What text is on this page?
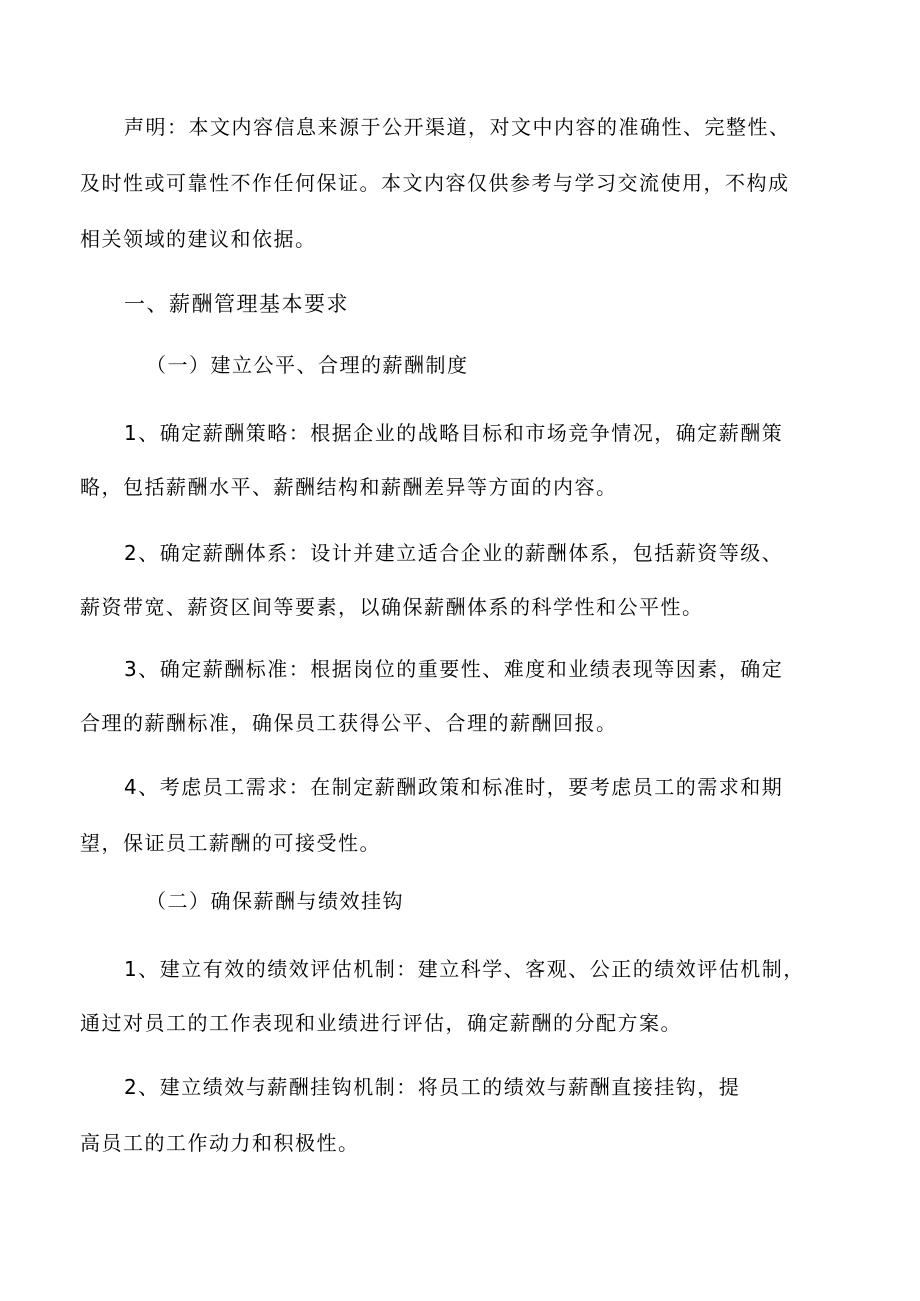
声明：本文内容信息来源于公开渠道，对文中内容的准确性、完整性、
及时性或可靠性不作任何保证。本文内容仅供参考与学习交流使用，不构成
相关领域的建议和依据。
一、薪酬管理基本要求
（一）建立公平、合理的薪酬制度
1、确定薪酬策略：根据企业的战略目标和市场竞争情况，确定薪酬策
略，包括薪酬水平、薪酬结构和薪酬差异等方面的内容。
2、确定薪酬体系：设计并建立适合企业的薪酬体系，包括薪资等级、
薪资带宽、薪资区间等要素，以确保薪酬体系的科学性和公平性。
3、确定薪酬标准：根据岗位的重要性、难度和业绩表现等因素，确定
合理的薪酬标准，确保员工获得公平、合理的薪酬回报。
4、考虑员工需求：在制定薪酬政策和标准时，要考虑员工的需求和期
望，保证员工薪酬的可接受性。
（二）确保薪酬与绩效挂钩
1、建立有效的绩效评估机制：建立科学、客观、公正的绩效评估机制，
通过对员工的工作表现和业绩进行评估，确定薪酬的分配方案。
2、建立绩效与薪酬挂钩机制：将员工的绩效与薪酬直接挂钩，提
高员工的工作动力和积极性。
